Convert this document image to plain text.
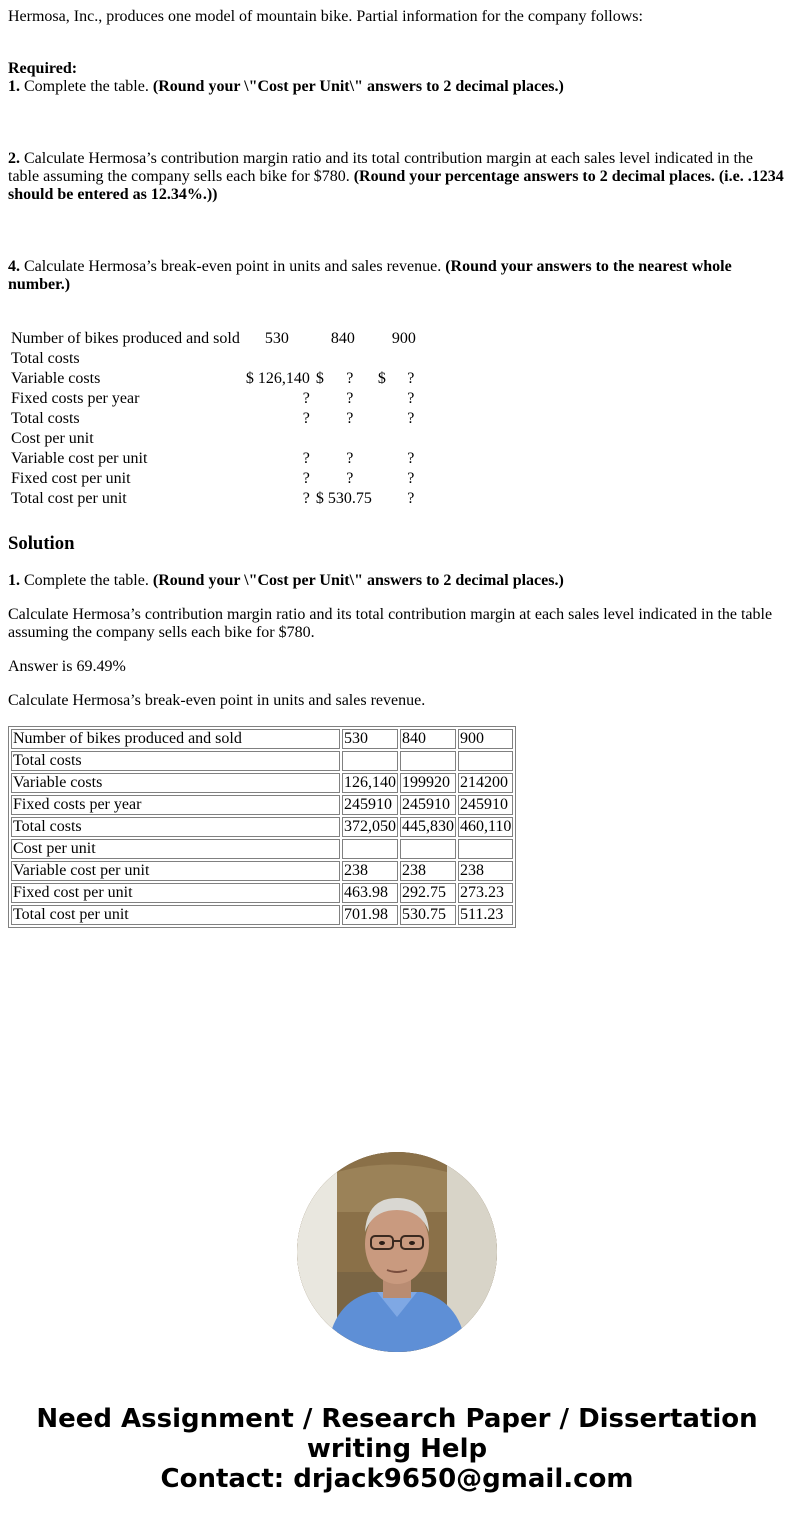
Hermosa, Inc., produces one model of mountain bike. Partial information for the company follows:

Required:

1. Complete the table. (Round your \"Cost per Unit\" answers to 2 decimal places.)

2. Calculate Hermosa’s contribution margin ratio and its total contribution margin at each sales level indicated in the table assuming the company sells each bike for $780. (Round your percentage answers to 2 decimal places. (i.e. .1234 should be entered as 12.34%.))

4. Calculate Hermosa’s break-even point in units and sales revenue. (Round your answers to the nearest whole number.)

Number of bikes produced and sold	530		840		900	
Total costs						
Variable costs	$	126,140	$	?	$	?
Fixed costs per year		?		?		?
Total costs		?		?		?
Cost per unit						
Variable cost per unit		?		?		?
Fixed cost per unit		?		?		?
Total cost per unit		?	$	530.75		?
Solution

1. Complete the table. (Round your \"Cost per Unit\" answers to 2 decimal places.)

Calculate Hermosa’s contribution margin ratio and its total contribution margin at each sales level indicated in the table assuming the company sells each bike for $780.

Answer is 69.49%

Calculate Hermosa’s break-even point in units and sales revenue.

Number of bikes produced and sold	530	840	900
Total costs			
Variable costs	126,140	199920	214200
Fixed costs per year	245910	245910	245910
Total costs	372,050	445,830	460,110
Cost per unit			
Variable cost per unit	238	238	238
Fixed cost per unit	463.98	292.75	273.23
Total cost per unit	701.98	530.75	511.23
Need Assignment / Research Paper / Dissertation
writing Help
Contact: drjack9650@gmail.com
